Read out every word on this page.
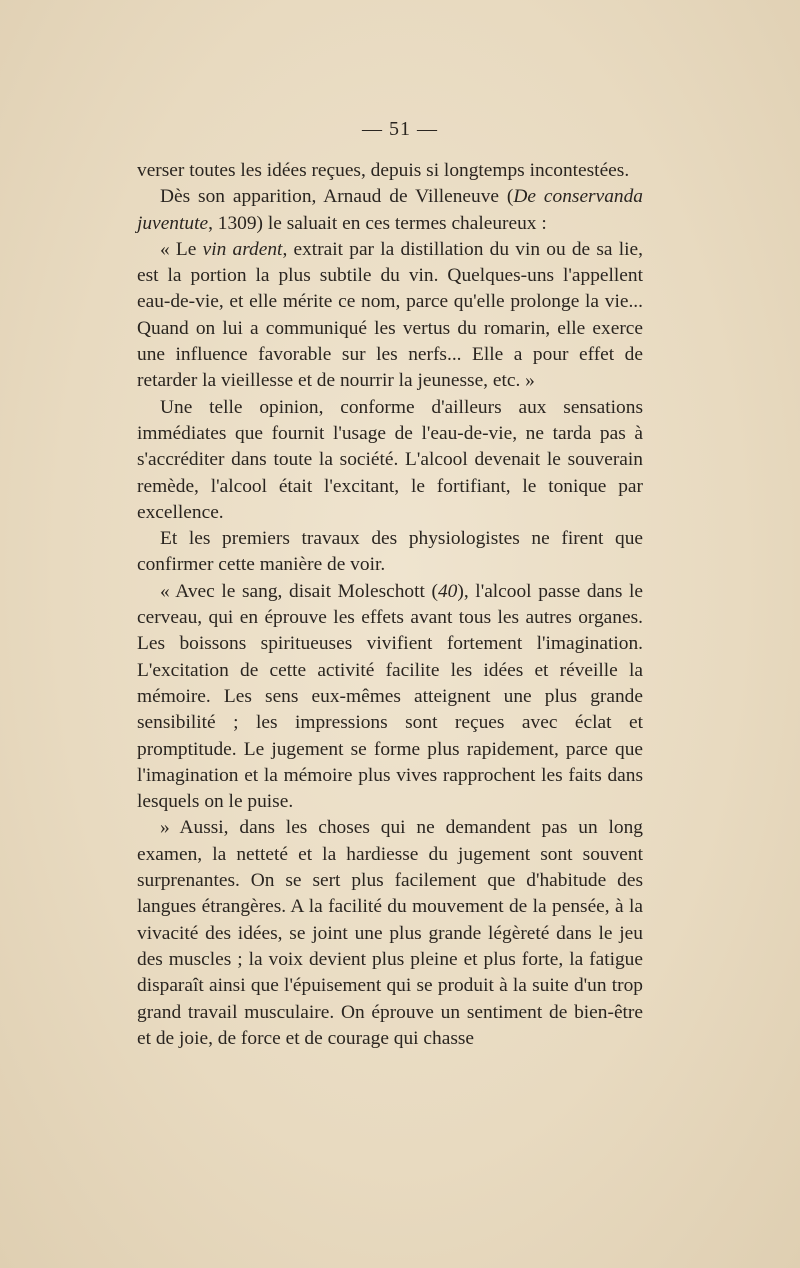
— 51 —

verser toutes les idées reçues, depuis si longtemps incontestées.

Dès son apparition, Arnaud de Villeneuve (De conservanda juventute, 1309) le saluait en ces termes chaleureux :

« Le vin ardent, extrait par la distillation du vin ou de sa lie, est la portion la plus subtile du vin. Quelques-uns l'appellent eau-de-vie, et elle mérite ce nom, parce qu'elle prolonge la vie... Quand on lui a communiqué les vertus du romarin, elle exerce une influence favorable sur les nerfs... Elle a pour effet de retarder la vieillesse et de nourrir la jeunesse, etc. »

Une telle opinion, conforme d'ailleurs aux sensations immédiates que fournit l'usage de l'eau-de-vie, ne tarda pas à s'accréditer dans toute la société. L'alcool devenait le souverain remède, l'alcool était l'excitant, le fortifiant, le tonique par excellence.

Et les premiers travaux des physiologistes ne firent que confirmer cette manière de voir.

« Avec le sang, disait Moleschott (40), l'alcool passe dans le cerveau, qui en éprouve les effets avant tous les autres organes. Les boissons spiritueuses vivifient fortement l'imagination. L'excitation de cette activité facilite les idées et réveille la mémoire. Les sens eux-mêmes atteignent une plus grande sensibilité ; les impressions sont reçues avec éclat et promptitude. Le jugement se forme plus rapidement, parce que l'imagination et la mémoire plus vives rapprochent les faits dans lesquels on le puise.

» Aussi, dans les choses qui ne demandent pas un long examen, la netteté et la hardiesse du jugement sont souvent surprenantes. On se sert plus facilement que d'habitude des langues étrangères. A la facilité du mouvement de la pensée, à la vivacité des idées, se joint une plus grande légèreté dans le jeu des muscles ; la voix devient plus pleine et plus forte, la fatigue disparaît ainsi que l'épuisement qui se produit à la suite d'un trop grand travail musculaire. On éprouve un sentiment de bien-être et de joie, de force et de courage qui chasse
